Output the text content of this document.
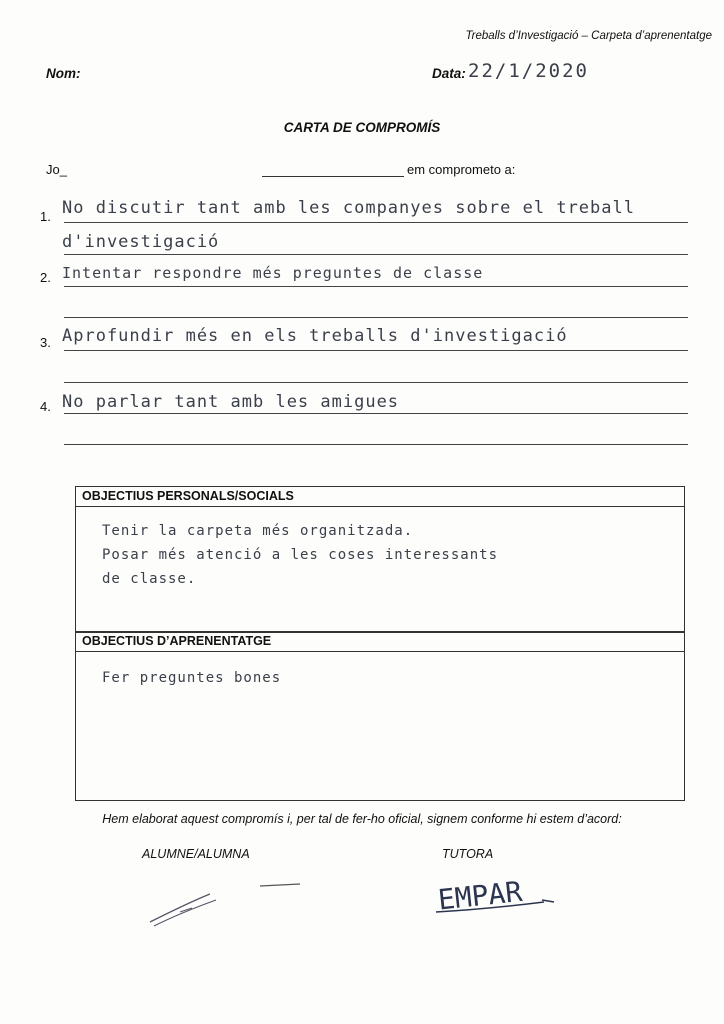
Treballs d’Investigació – Carpeta d’aprenentatge
Nom:	Data: 22/1/2020
CARTA DE COMPROMÍS
Jo_	em comprometo a:
1. No discutir tant amb les companyes sobre el treball
d'investigació
2. Intentar respondre més preguntes de classe
3. Aprofundir més en els treballs d'investigació
4. No parlar tant amb les amigues
OBJECTIUS PERSONALS/SOCIALS
Tenir la carpeta més organitzada.
Posar més atenció a les coses interessants
de classe.
OBJECTIUS D’APRENENTATGE
Fer preguntes bones
Hem elaborat aquest compromís i, per tal de fer-ho oficial, signem conforme hi estem d’acord:
ALUMNE/ALUMNA	TUTORA
EMPAR
